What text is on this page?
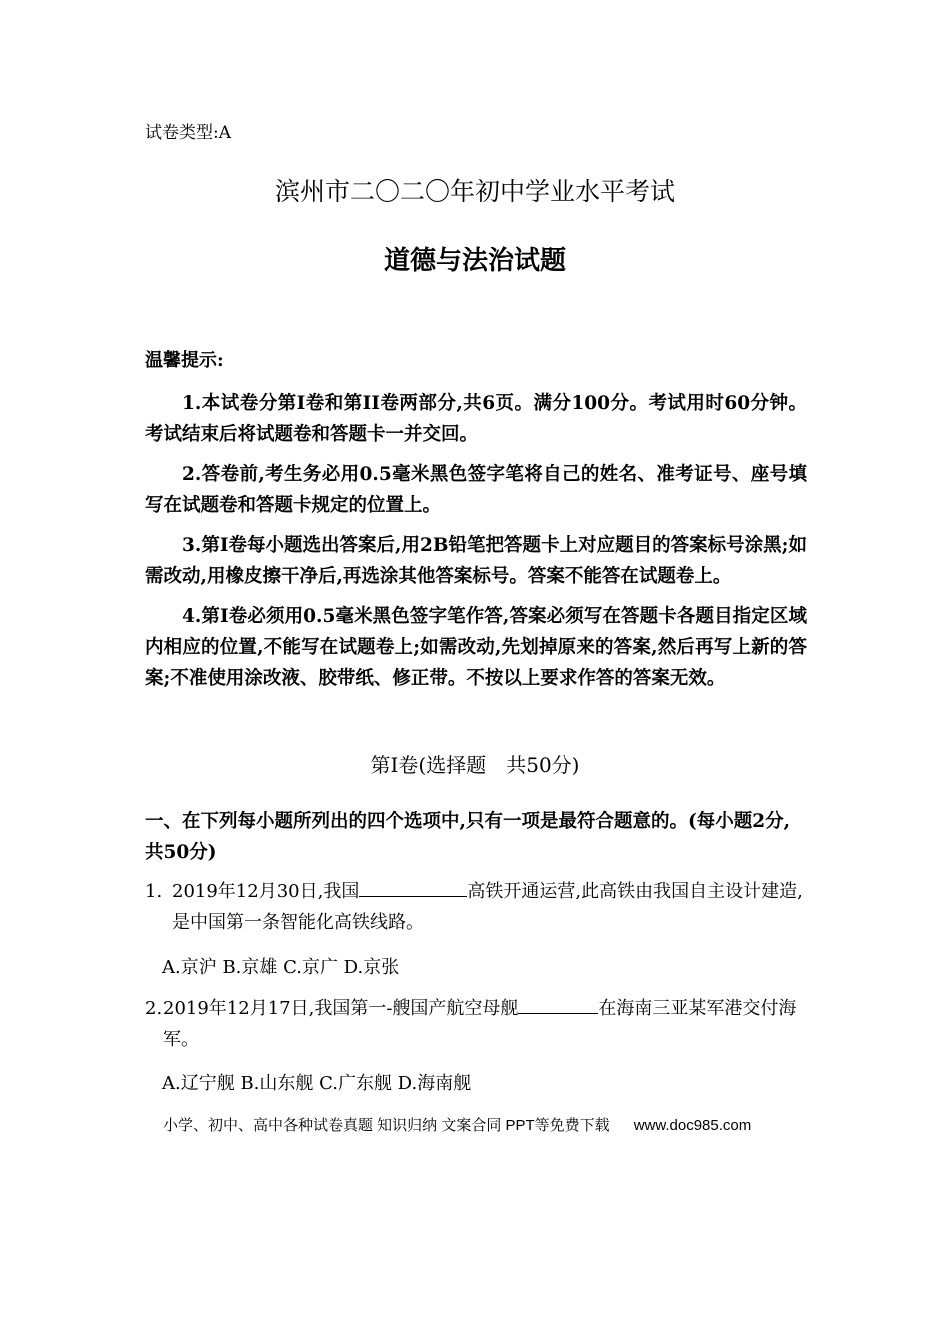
试卷类型:A
滨州市二〇二〇年初中学业水平考试
道德与法治试题
温馨提示:
1.本试卷分第Ⅰ卷和第II卷两部分,共6页。满分100分。考试用时60分钟。考试结束后将试题卷和答题卡一并交回。
2.答卷前,考生务必用0.5毫米黑色签字笔将自己的姓名、准考证号、座号填写在试题卷和答题卡规定的位置上。
3.第Ⅰ卷每小题选出答案后,用2B铅笔把答题卡上对应题目的答案标号涂黑;如需改动,用橡皮擦干净后,再选涂其他答案标号。答案不能答在试题卷上。
4.第Ⅰ卷必须用0.5毫米黑色签字笔作答,答案必须写在答题卡各题目指定区域内相应的位置,不能写在试题卷上;如需改动,先划掉原来的答案,然后再写上新的答案;不准使用涂改液、胶带纸、修正带。不按以上要求作答的答案无效。
第Ⅰ卷(选择题　共50分)
一、在下列每小题所列出的四个选项中,只有一项是最符合题意的。(每小题2分,共50分)
1. 2019年12月30日,我国	高铁开通运营,此高铁由我国自主设计建造,是中国第一条智能化高铁线路。
A.京沪 B.京雄 C.京广 D.京张
2. 2019年12月17日,我国第一-艘国产航空母舰	在海南三亚某军港交付海军。
A.辽宁舰 B.山东舰 C.广东舰 D.海南舰
小学、初中、高中各种试卷真题 知识归纳 文案合同 PPT等免费下载 www.doc985.com
